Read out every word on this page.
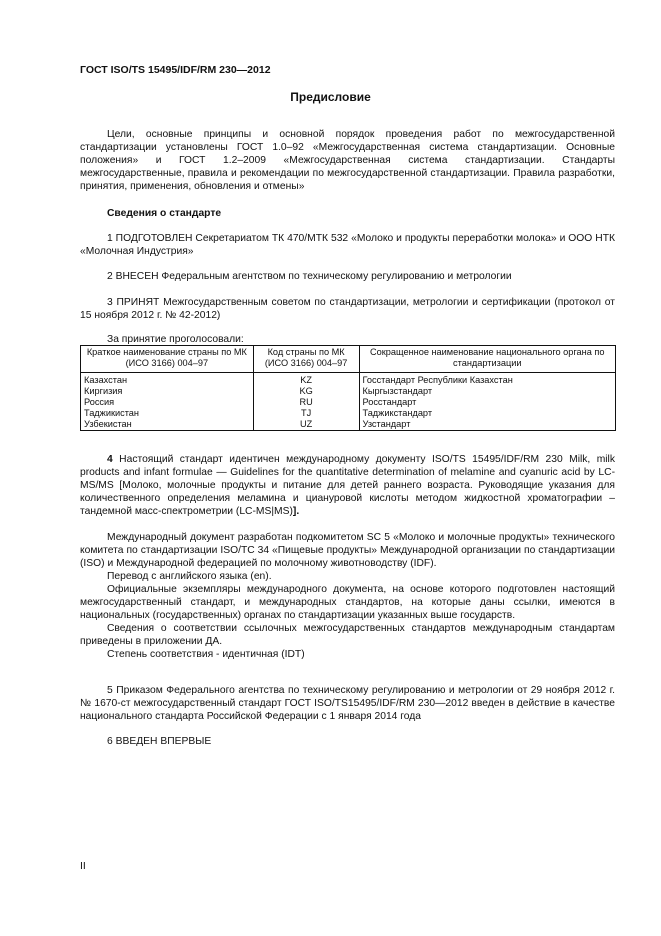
ГОСТ ISO/TS 15495/IDF/RM 230—2012
Предисловие
Цели, основные принципы и основной порядок проведения работ по межгосударственной стандартизации установлены ГОСТ 1.0–92 «Межгосударственная система стандартизации. Основные положения» и ГОСТ 1.2–2009 «Межгосударственная система стандартизации. Стандарты межгосударственные, правила и рекомендации по межгосударственной стандартизации. Правила разработки, принятия, применения, обновления и отмены»
Сведения о стандарте
1 ПОДГОТОВЛЕН Секретариатом ТК 470/МТК 532 «Молоко и продукты переработки молока» и ООО НТК «Молочная Индустрия»
2 ВНЕСЕН Федеральным агентством по техническому регулированию и метрологии
3 ПРИНЯТ Межгосударственным советом по стандартизации, метрологии и сертификации (протокол от 15 ноября 2012 г. № 42-2012)
За принятие проголосовали:
Краткое наименование страны по МК (ИСО 3166) 004–97	Код страны по МК (ИСО 3166) 004–97	Сокращенное наименование национального органа по стандартизации
Казахстан	KZ	Госстандарт Республики Казахстан
Киргизия	KG	Кыргызстандарт
Россия	RU	Росстандарт
Таджикистан	TJ	Таджикстандарт
Узбекистан	UZ	Узстандарт
4 Настоящий стандарт идентичен международному документу ISO/TS 15495/IDF/RM 230 Milk, milk products and infant formulae — Guidelines for the quantitative determination of melamine and cyanuric acid by LC-MS/MS [Молоко, молочные продукты и питание для детей раннего возраста. Руководящие указания для количественного определения меламина и циануровой кислоты методом жидкостной хроматографии – тандемной масс-спектрометрии (LC-MS|MS)].

Международный документ разработан подкомитетом SC 5 «Молоко и молочные продукты» технического комитета по стандартизации ISO/TC 34 «Пищевые продукты» Международной организации по стандартизации (ISO) и Международной федерацией по молочному животноводству (IDF).

Перевод с английского языка (en).

Официальные экземпляры международного документа, на основе которого подготовлен настоящий межгосударственный стандарт, и международных стандартов, на которые даны ссылки, имеются в национальных (государственных) органах по стандартизации указанных выше государств.

Сведения о соответствии ссылочных межгосударственных стандартов международным стандартам приведены в приложении ДА.

Степень соответствия - идентичная (IDT)

5 Приказом Федерального агентства по техническому регулированию и метрологии от 29 ноября 2012 г. № 1670-ст межгосударственный стандарт ГОСТ ISO/TS15495/IDF/RM 230—2012 введен в действие в качестве национального стандарта Российской Федерации с 1 января 2014 года
6 ВВЕДЕН ВПЕРВЫЕ
II
